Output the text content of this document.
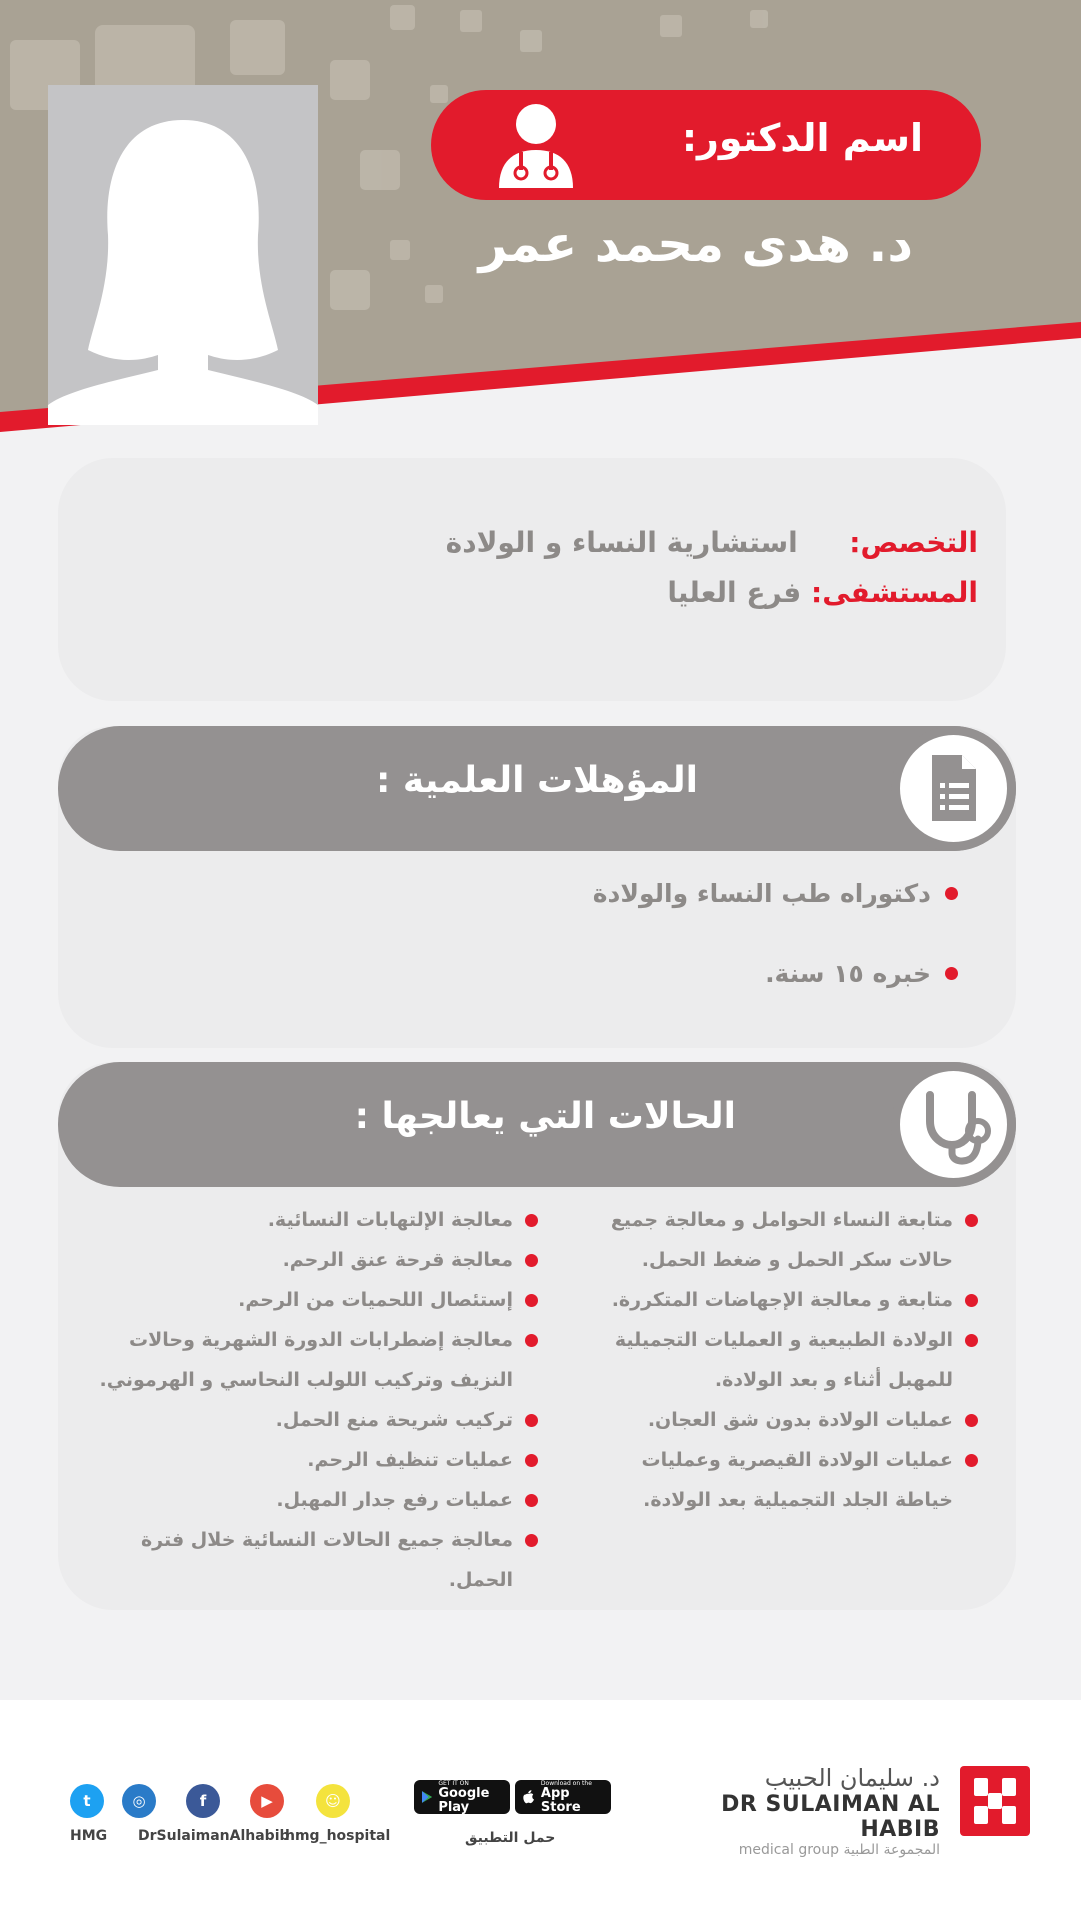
اسم الدكتور:
د. هدى محمد عمر
التخصص:  استشارية النساء و الولادة
المستشفى: فرع العليا
دكتوراه طب النساء والولادة
خبره ١٥ سنة.
المؤهلات العلمية :
متابعة النساء الحوامل و معالجة جميع حالات سكر الحمل و ضغط الحمل.
متابعة و معالجة الإجهاضات المتكررة.
الولادة الطبيعية و العمليات التجميلية للمهبل أثناء و بعد الولادة.
عمليات الولادة بدون شق العجان.
عمليات الولادة القيصرية وعمليات خياطة الجلد التجميلية بعد الولادة.
معالجة الإلتهابات النسائية.
معالجة قرحة عنق الرحم.
إستئصال اللحميات من الرحم.
معالجة إضطرابات الدورة الشهرية وحالات النزيف وتركيب اللولب النحاسي و الهرموني.
تركيب شريحة منع الحمل.
عمليات تنظيف الرحم.
عمليات رفع جدار المهبل.
معالجة جميع الحالات النسائية خلال فترة الحمل.
الحالات التي يعالجها :
د. سليمان الحبيب
DR SULAIMAN AL HABIB
medical group المجموعة الطبية
GET IT ON
Google Play
Download on the
App Store
حمل التطبيق
t	◎	f	▶	☺
HMG DrSulaimanAlhabib
hmg_hospital
